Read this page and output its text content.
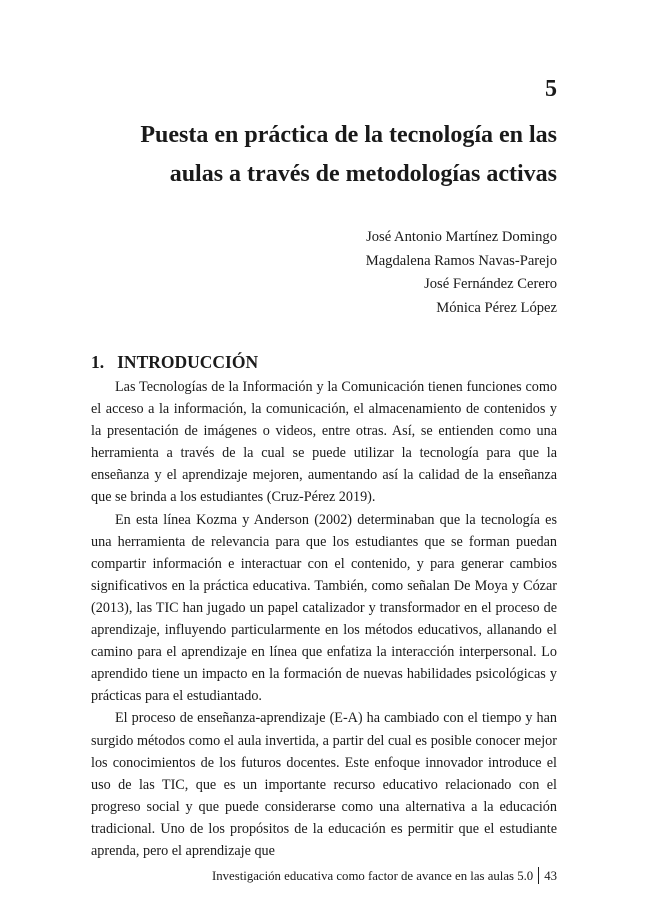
5
Puesta en práctica de la tecnología en las aulas a través de metodologías activas
José Antonio Martínez Domingo
Magdalena Ramos Navas-Parejo
José Fernández Cerero
Mónica Pérez López
1. INTRODUCCIÓN

Las Tecnologías de la Información y la Comunicación tienen funciones como el acceso a la información, la comunicación, el almacenamiento de contenidos y la presentación de imágenes o videos, entre otras. Así, se entienden como una herramienta a través de la cual se puede utilizar la tecnología para que la enseñanza y el aprendizaje mejoren, aumentando así la calidad de la enseñanza que se brinda a los estudiantes (Cruz-Pérez 2019).

En esta línea Kozma y Anderson (2002) determinaban que la tecnología es una herramienta de relevancia para que los estudiantes que se forman puedan compartir información e interactuar con el contenido, y para generar cambios significativos en la práctica educativa. También, como señalan De Moya y Cózar (2013), las TIC han jugado un papel catalizador y transformador en el proceso de aprendizaje, influyendo particularmente en los métodos educativos, allanando el camino para el aprendizaje en línea que enfatiza la interacción interpersonal. Lo aprendido tiene un impacto en la formación de nuevas habilidades psicológicas y prácticas para el estudiantado.

El proceso de enseñanza-aprendizaje (E-A) ha cambiado con el tiempo y han surgido métodos como el aula invertida, a partir del cual es posible conocer mejor los conocimientos de los futuros docentes. Este enfoque innovador introduce el uso de las TIC, que es un importante recurso educativo relacionado con el progreso social y que puede considerarse como una alternativa a la educación tradicional. Uno de los propósitos de la educación es permitir que el estudiante aprenda, pero el aprendizaje que

Investigación educativa como factor de avance en las aulas 5.0 43
